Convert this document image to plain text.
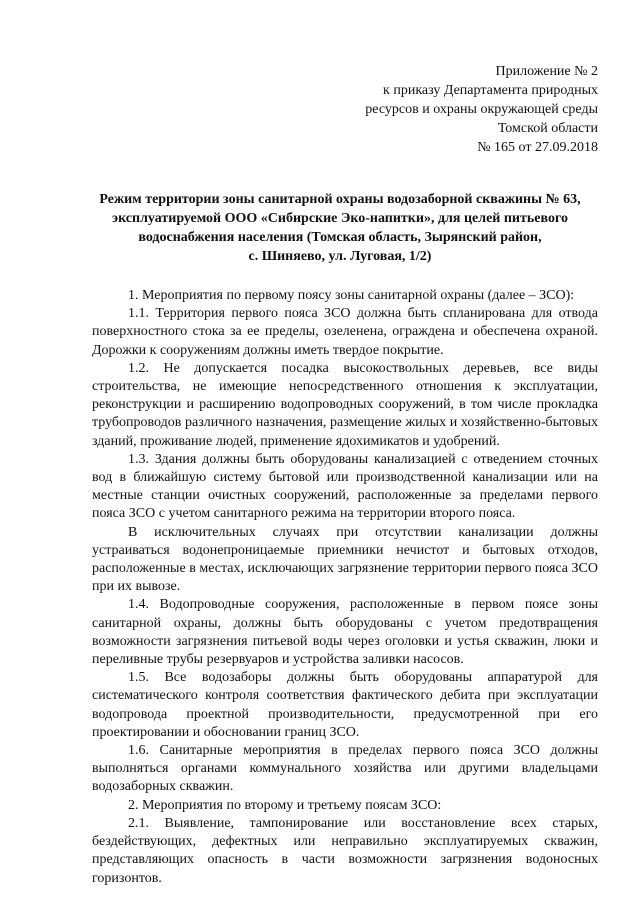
Приложение № 2
к приказу Департамента природных
ресурсов и охраны окружающей среды
Томской области
№ 165 от 27.09.2018
Режим территории зоны санитарной охраны водозаборной скважины № 63,
эксплуатируемой ООО «Сибирские Эко-напитки», для целей питьевого
водоснабжения населения (Томская область, Зырянский район,
с. Шиняево, ул. Луговая, 1/2)

1. Мероприятия по первому поясу зоны санитарной охраны (далее – ЗСО):

1.1. Территория первого пояса ЗСО должна быть спланирована для отвода поверхностного стока за ее пределы, озеленена, ограждена и обеспечена охраной. Дорожки к сооружениям должны иметь твердое покрытие.

1.2. Не допускается посадка высокоствольных деревьев, все виды строительства, не имеющие непосредственного отношения к эксплуатации, реконструкции и расширению водопроводных сооружений, в том числе прокладка трубопроводов различного назначения, размещение жилых и хозяйственно-бытовых зданий, проживание людей, применение ядохимикатов и удобрений.

1.3. Здания должны быть оборудованы канализацией с отведением сточных вод в ближайшую систему бытовой или производственной канализации или на местные станции очистных сооружений, расположенные за пределами первого пояса ЗСО с учетом санитарного режима на территории второго пояса.

В исключительных случаях при отсутствии канализации должны устраиваться водонепроницаемые приемники нечистот и бытовых отходов, расположенные в местах, исключающих загрязнение территории первого пояса ЗСО при их вывозе.

1.4. Водопроводные сооружения, расположенные в первом поясе зоны санитарной охраны, должны быть оборудованы с учетом предотвращения возможности загрязнения питьевой воды через оголовки и устья скважин, люки и переливные трубы резервуаров и устройства заливки насосов.

1.5. Все водозаборы должны быть оборудованы аппаратурой для систематического контроля соответствия фактического дебита при эксплуатации водопровода проектной производительности, предусмотренной при его проектировании и обосновании границ ЗСО.

1.6. Санитарные мероприятия в пределах первого пояса ЗСО должны выполняться органами коммунального хозяйства или другими владельцами водозаборных скважин.

2. Мероприятия по второму и третьему поясам ЗСО:

2.1. Выявление, тампонирование или восстановление всех старых, бездействующих, дефектных или неправильно эксплуатируемых скважин, представляющих опасность в части возможности загрязнения водоносных горизонтов.
